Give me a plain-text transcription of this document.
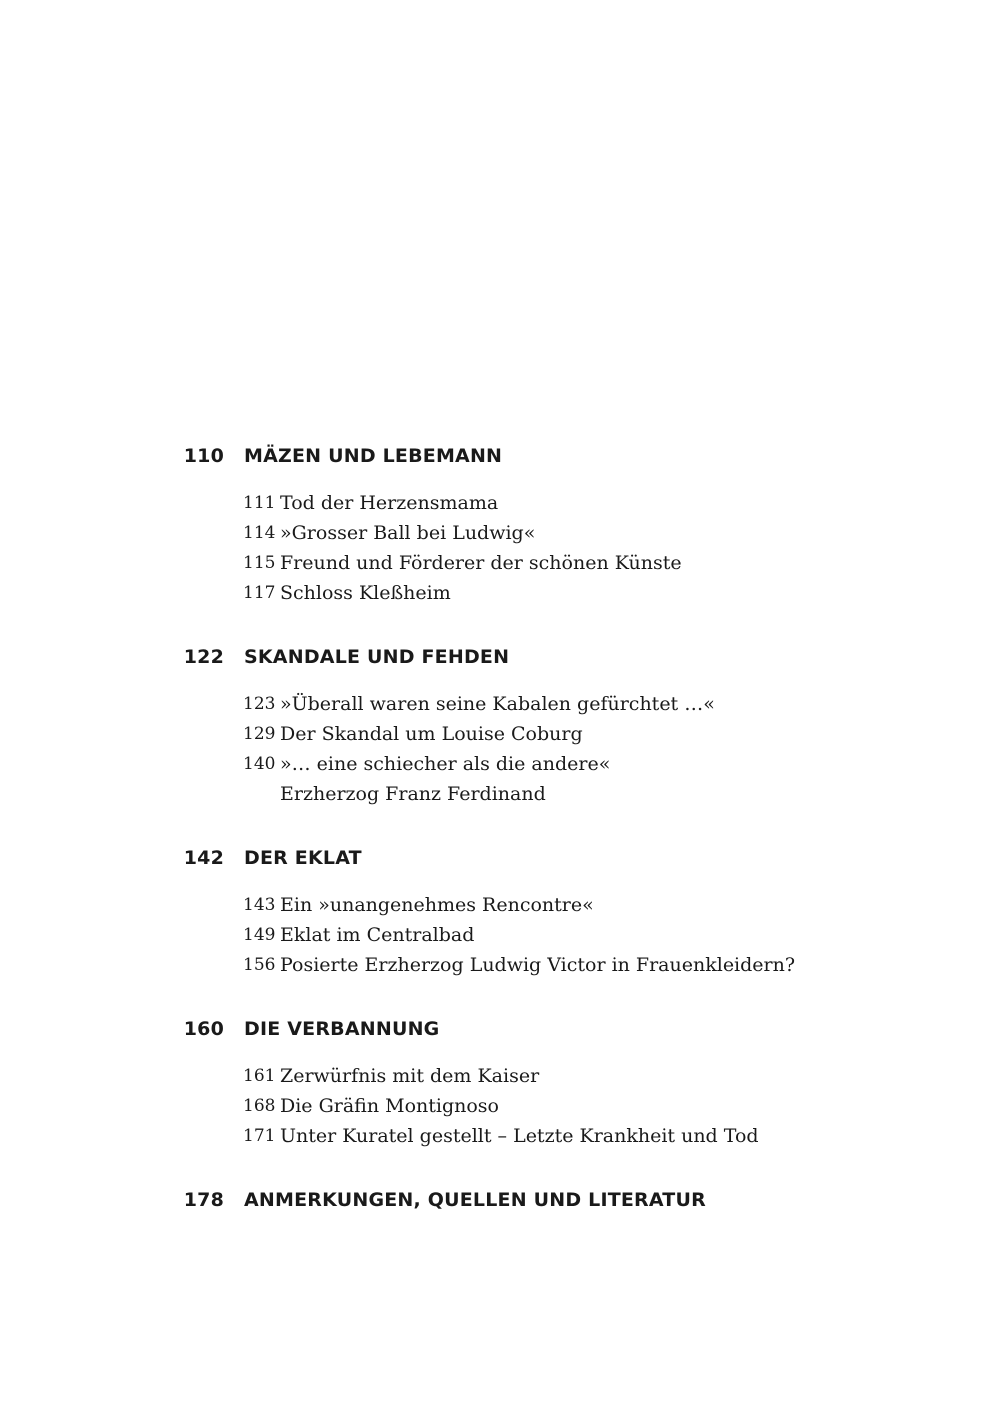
110 MÄZEN UND LEBEMANN
111 Tod der Herzensmama
114 »Grosser Ball bei Ludwig«
115 Freund und Förderer der schönen Künste
117 Schloss Kleßheim
122 SKANDALE UND FEHDEN
123 »Überall waren seine Kabalen gefürchtet …«
129 Der Skandal um Louise Coburg
140 »… eine schiecher als die andere«
Erzherzog Franz Ferdinand
142 DER EKLAT
143 Ein »unangenehmes Rencontre«
149 Eklat im Centralbad
156 Posierte Erzherzog Ludwig Victor in Frauenkleidern?
160 DIE VERBANNUNG
161 Zerwürfnis mit dem Kaiser
168 Die Gräfin Montignoso
171 Unter Kuratel gestellt – Letzte Krankheit und Tod
178 ANMERKUNGEN, QUELLEN UND LITERATUR
